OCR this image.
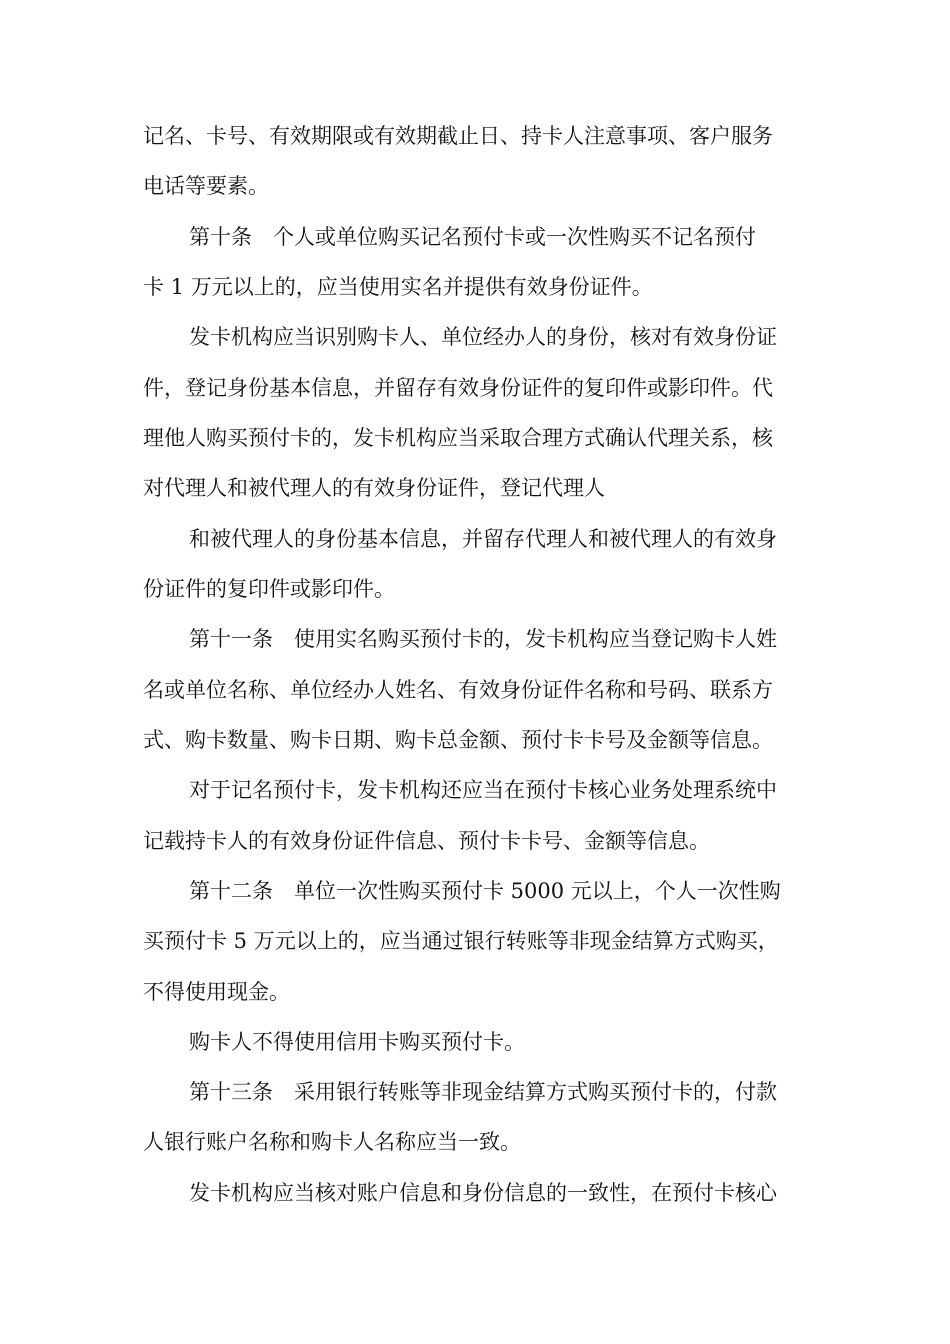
记名、卡号、有效期限或有效期截止日、持卡人注意事项、客户服务
电话等要素。
第十条　个人或单位购买记名预付卡或一次性购买不记名预付
卡 1 万元以上的，应当使用实名并提供有效身份证件。
发卡机构应当识别购卡人、单位经办人的身份，核对有效身份证
件，登记身份基本信息，并留存有效身份证件的复印件或影印件。代
理他人购买预付卡的，发卡机构应当采取合理方式确认代理关系，核
对代理人和被代理人的有效身份证件，登记代理人
和被代理人的身份基本信息，并留存代理人和被代理人的有效身
份证件的复印件或影印件。
第十一条　使用实名购买预付卡的，发卡机构应当登记购卡人姓
名或单位名称、单位经办人姓名、有效身份证件名称和号码、联系方
式、购卡数量、购卡日期、购卡总金额、预付卡卡号及金额等信息。
对于记名预付卡，发卡机构还应当在预付卡核心业务处理系统中
记载持卡人的有效身份证件信息、预付卡卡号、金额等信息。
第十二条　单位一次性购买预付卡 5000 元以上，个人一次性购
买预付卡 5 万元以上的，应当通过银行转账等非现金结算方式购买，
不得使用现金。
购卡人不得使用信用卡购买预付卡。
第十三条　采用银行转账等非现金结算方式购买预付卡的，付款
人银行账户名称和购卡人名称应当一致。
发卡机构应当核对账户信息和身份信息的一致性，在预付卡核心
